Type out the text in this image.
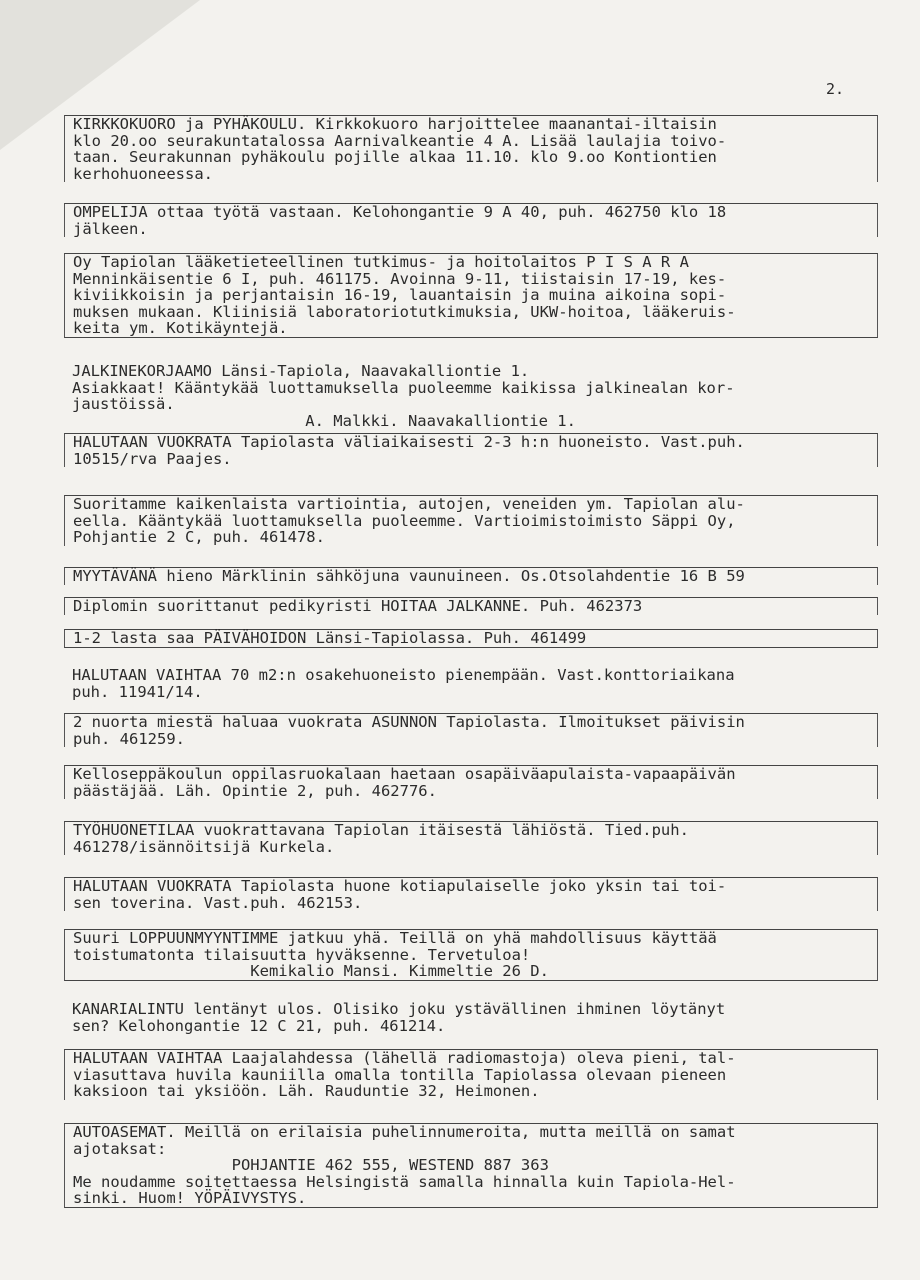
2.
KIRKKOKUORO ja PYHÄKOULU. Kirkkokuoro harjoittelee maanantai-iltaisin
klo 20.oo seurakuntatalossa Aarnivalkeantie 4 A. Lisää laulajia toivo-
taan. Seurakunnan pyhäkoulu pojille alkaa 11.10. klo 9.oo Kontiontien
kerhohuoneessa.
OMPELIJA ottaa työtä vastaan. Kelohongantie 9 A 40, puh. 462750 klo 18
jälkeen.
Oy Tapiolan lääketieteellinen tutkimus- ja hoitolaitos P I S A R A
Menninkäisentie 6 I, puh. 461175. Avoinna 9-11, tiistaisin 17-19, kes-
kiviikkoisin ja perjantaisin 16-19, lauantaisin ja muina aikoina sopi-
muksen mukaan. Kliinisiä laboratoriotutkimuksia, UKW-hoitoa, lääkeruis-
keita ym. Kotikäyntejä.
JALKINEKORJAAMO Länsi-Tapiola, Naavakalliontie 1.
Asiakkaat! Kääntykää luottamuksella puoleemme kaikissa jalkinealan kor-
jaustöissä.
A. Malkki. Naavakalliontie 1.
HALUTAAN VUOKRATA Tapiolasta väliaikaisesti 2-3 h:n huoneisto. Vast.puh.
10515/rva Paajes.
Suoritamme kaikenlaista vartiointia, autojen, veneiden ym. Tapiolan alu-
eella. Kääntykää luottamuksella puoleemme. Vartioimistoimisto Säppi Oy,
Pohjantie 2 C, puh. 461478.
MYYTÄVÄNÄ hieno Märklinin sähköjuna vaunuineen. Os.Otsolahdentie 16 B 59
Diplomin suorittanut pedikyristi HOITAA JALKANNE. Puh. 462373
1-2 lasta saa PÄIVÄHOIDON Länsi-Tapiolassa. Puh. 461499
HALUTAAN VAIHTAA 70 m2:n osakehuoneisto pienempään. Vast.konttoriaikana
puh. 11941/14.
2 nuorta miestä haluaa vuokrata ASUNNON Tapiolasta. Ilmoitukset päivisin
puh. 461259.
Kelloseppäkoulun oppilasruokalaan haetaan osapäiväapulaista-vapaapäivän
päästäjää. Läh. Opintie 2, puh. 462776.
TYÖHUONETILAA vuokrattavana Tapiolan itäisestä lähiöstä. Tied.puh.
461278/isännöitsijä Kurkela.
HALUTAAN VUOKRATA Tapiolasta huone kotiapulaiselle joko yksin tai toi-
sen toverina. Vast.puh. 462153.
Suuri LOPPUUNMYYNTIMME jatkuu yhä. Teillä on yhä mahdollisuus käyttää
toistumatonta tilaisuutta hyväksenne. Tervetuloa!
Kemikalio Mansi. Kimmeltie 26 D.
KANARIALINTU lentänyt ulos. Olisiko joku ystävällinen ihminen löytänyt
sen? Kelohongantie 12 C 21, puh. 461214.
HALUTAAN VAIHTAA Laajalahdessa (lähellä radiomastoja) oleva pieni, tal-
viasuttava huvila kauniilla omalla tontilla Tapiolassa olevaan pieneen
kaksioon tai yksiöön. Läh. Rauduntie 32, Heimonen.
AUTOASEMAT. Meillä on erilaisia puhelinnumeroita, mutta meillä on samat
ajotaksat:
POHJANTIE 462 555, WESTEND 887 363
Me noudamme soitettaessa Helsingistä samalla hinnalla kuin Tapiola-Hel-
sinki. Huom! YÖPÄIVYSTYS.
